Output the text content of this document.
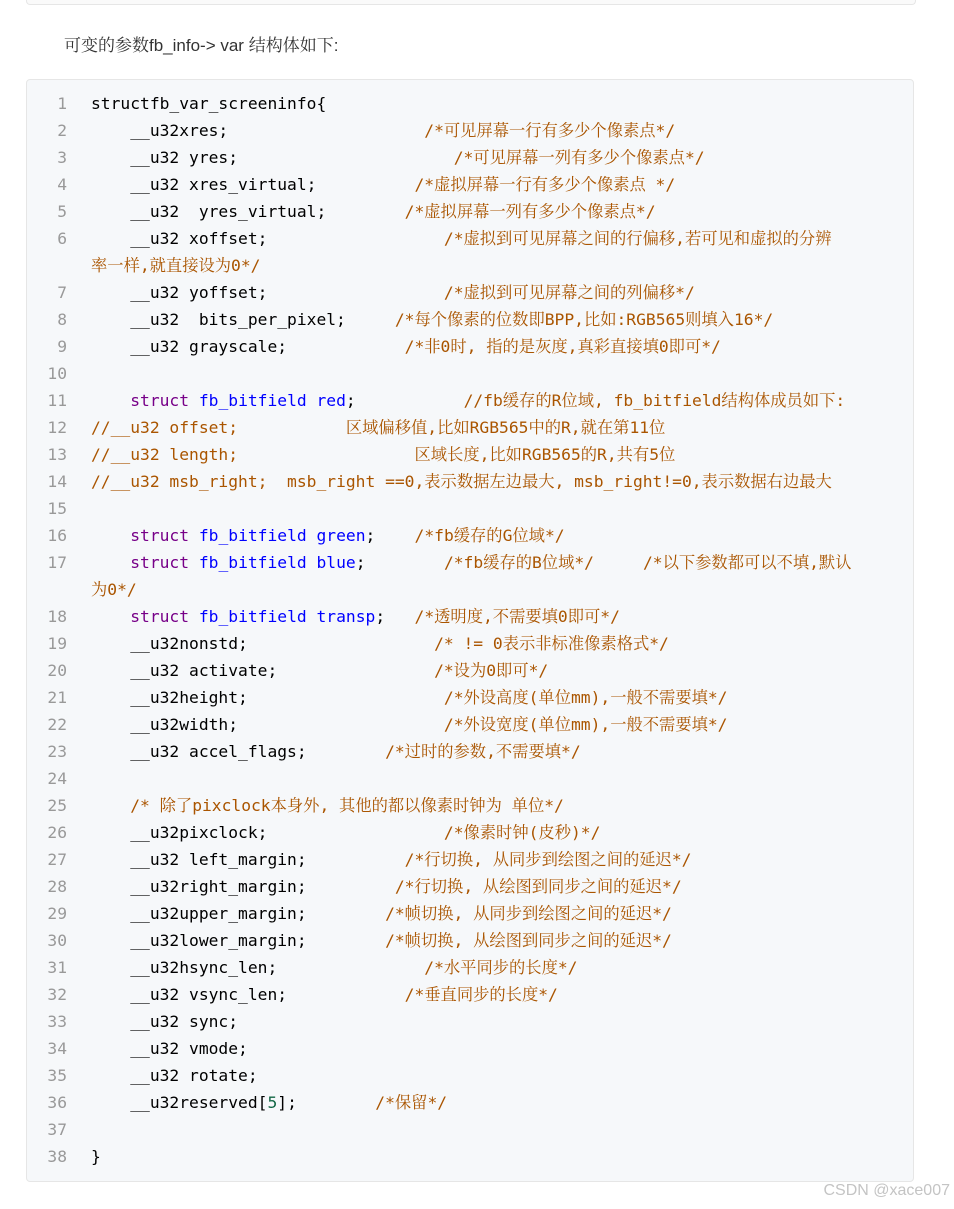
可变的参数fb_info-> var 结构体如下:
1 structfb_var_screeninfo{
2 __u32xres;                    /*可见屏幕一行有多少个像素点*/
3 __u32 yres;                      /*可见屏幕一列有多少个像素点*/
4 __u32 xres_virtual;          /*虚拟屏幕一行有多少个像素点 */
5 __u32  yres_virtual;        /*虚拟屏幕一列有多少个像素点*/
6 __u32 xoffset;                  /*虚拟到可见屏幕之间的行偏移,若可见和虚拟的分辨
率一样,就直接设为0*/
7 __u32 yoffset;                  /*虚拟到可见屏幕之间的列偏移*/
8 __u32  bits_per_pixel;     /*每个像素的位数即BPP,比如:RGB565则填入16*/
9 __u32 grayscale;            /*非0时, 指的是灰度,真彩直接填0即可*/
10
11	struct fb_bitfield red;           //fb缓存的R位域, fb_bitfield结构体成员如下:
12 //__u32 offset;           区域偏移值,比如RGB565中的R,就在第11位
13 //__u32 length;                  区域长度,比如RGB565的R,共有5位
14 //__u32 msb_right;  msb_right ==0,表示数据左边最大, msb_right!=0,表示数据右边最大
15
16	struct fb_bitfield green;    /*fb缓存的G位域*/
17	struct fb_bitfield blue;        /*fb缓存的B位域*/     /*以下参数都可以不填,默认
为0*/
18	struct fb_bitfield transp;   /*透明度,不需要填0即可*/
19 __u32nonstd;                   /* != 0表示非标准像素格式*/
20 __u32 activate;                /*设为0即可*/
21 __u32height;                    /*外设高度(单位mm),一般不需要填*/
22 __u32width;                     /*外设宽度(单位mm),一般不需要填*/
23 __u32 accel_flags;        /*过时的参数,不需要填*/
24
25	/* 除了pixclock本身外, 其他的都以像素时钟为 单位*/
26 __u32pixclock;                  /*像素时钟(皮秒)*/
27 __u32 left_margin;          /*行切换, 从同步到绘图之间的延迟*/
28 __u32right_margin;         /*行切换, 从绘图到同步之间的延迟*/
29 __u32upper_margin;        /*帧切换, 从同步到绘图之间的延迟*/
30 __u32lower_margin;        /*帧切换, 从绘图到同步之间的延迟*/
31 __u32hsync_len;               /*水平同步的长度*/
32 __u32 vsync_len;            /*垂直同步的长度*/
33 __u32 sync;
34 __u32 vmode;
35 __u32 rotate;
36 __u32reserved[5];        /*保留*/
37
38 }
CSDN @xace007
